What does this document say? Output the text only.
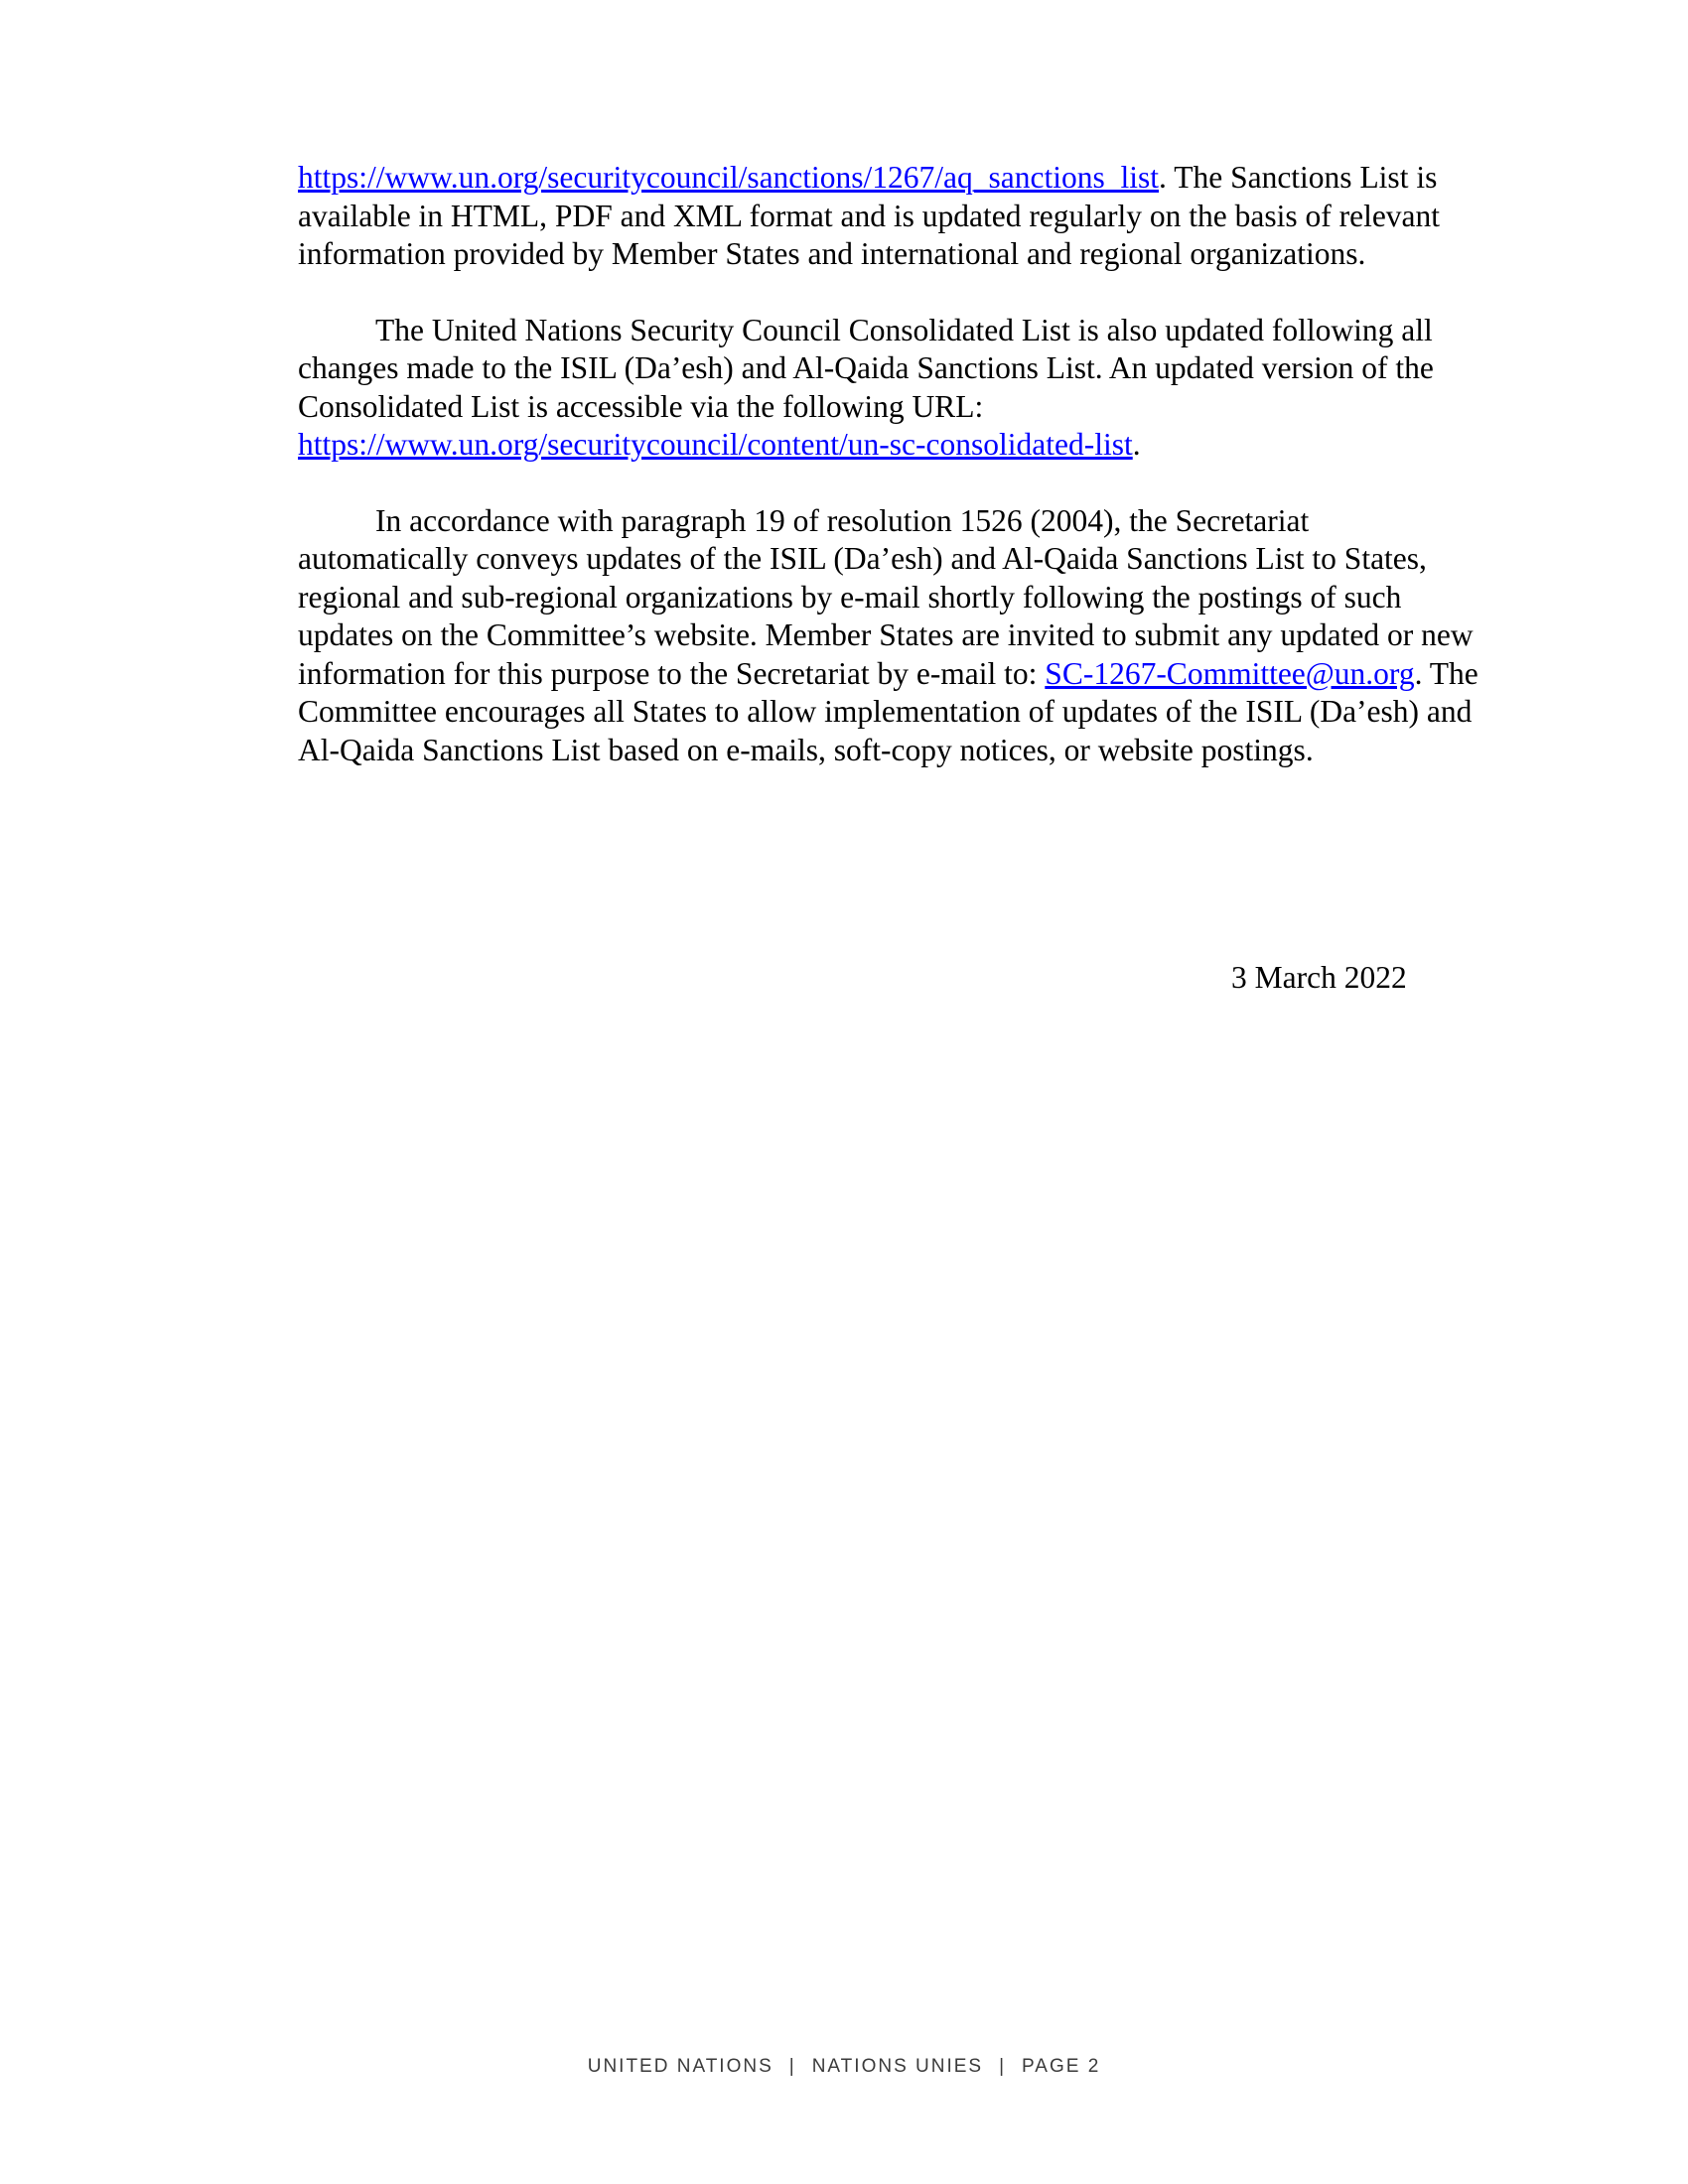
https://www.un.org/securitycouncil/sanctions/1267/aq_sanctions_list. The Sanctions List is available in HTML, PDF and XML format and is updated regularly on the basis of relevant information provided by Member States and international and regional organizations.

The United Nations Security Council Consolidated List is also updated following all changes made to the ISIL (Da’esh) and Al-Qaida Sanctions List. An updated version of the Consolidated List is accessible via the following URL: https://www.un.org/securitycouncil/content/un-sc-consolidated-list.

In accordance with paragraph 19 of resolution 1526 (2004), the Secretariat automatically conveys updates of the ISIL (Da’esh) and Al-Qaida Sanctions List to States, regional and sub-regional organizations by e-mail shortly following the postings of such updates on the Committee’s website. Member States are invited to submit any updated or new information for this purpose to the Secretariat by e-mail to: SC-1267-Committee@un.org. The Committee encourages all States to allow implementation of updates of the ISIL (Da’esh) and Al-Qaida Sanctions List based on e-mails, soft-copy notices, or website postings.

3 March 2022
UNITED NATIONS | NATIONS UNIES | PAGE 2
